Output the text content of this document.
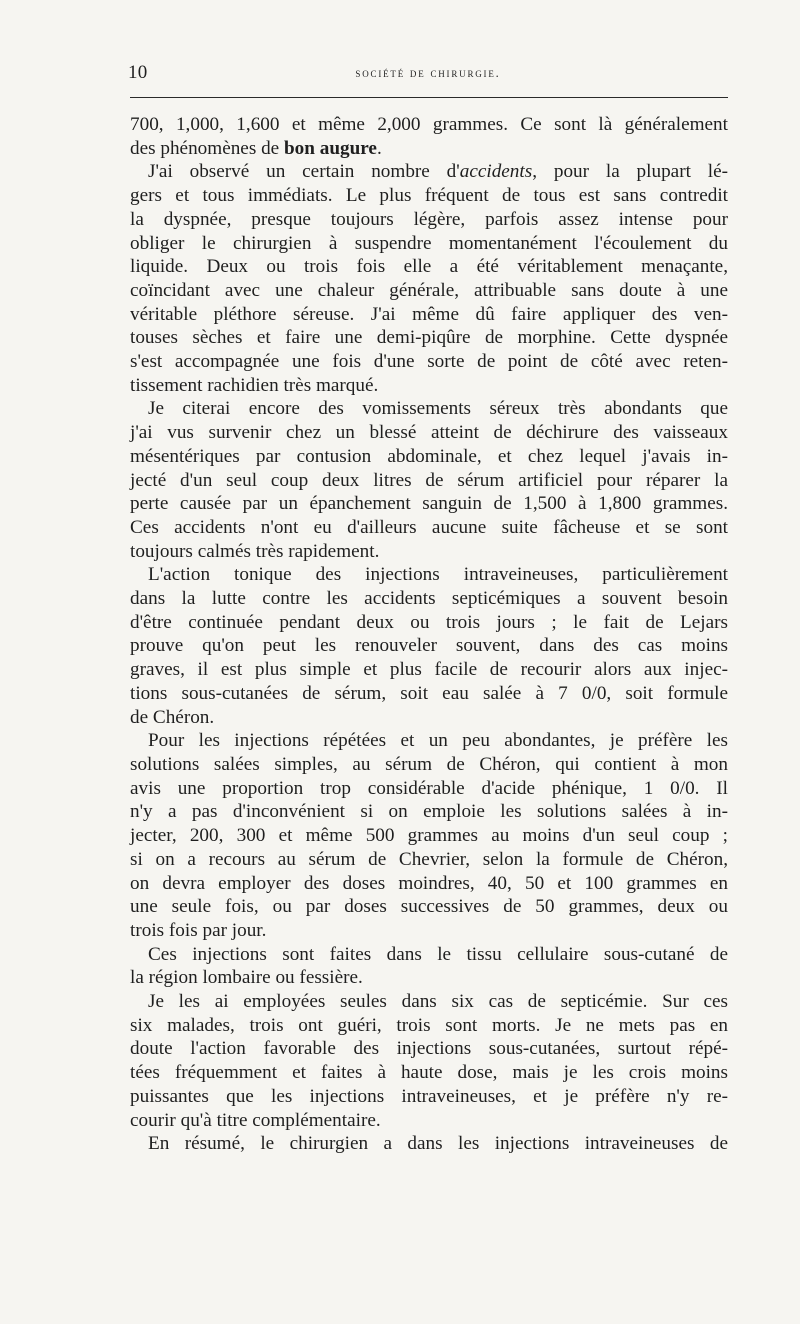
10	société de chirurgie.
700, 1,000, 1,600 et même 2,000 grammes. Ce sont là généralement
des phénomènes de bon augure.
J'ai observé un certain nombre d'accidents, pour la plupart lé-
gers et tous immédiats. Le plus fréquent de tous est sans contredit
la dyspnée, presque toujours légère, parfois assez intense pour
obliger le chirurgien à suspendre momentanément l'écoulement du
liquide. Deux ou trois fois elle a été véritablement menaçante,
coïncidant avec une chaleur générale, attribuable sans doute à une
véritable pléthore séreuse. J'ai même dû faire appliquer des ven-
touses sèches et faire une demi-piqûre de morphine. Cette dyspnée
s'est accompagnée une fois d'une sorte de point de côté avec reten-
tissement rachidien très marqué.
Je citerai encore des vomissements séreux très abondants que
j'ai vus survenir chez un blessé atteint de déchirure des vaisseaux
mésentériques par contusion abdominale, et chez lequel j'avais in-
jecté d'un seul coup deux litres de sérum artificiel pour réparer la
perte causée par un épanchement sanguin de 1,500 à 1,800 grammes.
Ces accidents n'ont eu d'ailleurs aucune suite fâcheuse et se sont
toujours calmés très rapidement.
L'action tonique des injections intraveineuses, particulièrement
dans la lutte contre les accidents septicémiques a souvent besoin
d'être continuée pendant deux ou trois jours ; le fait de Lejars
prouve qu'on peut les renouveler souvent, dans des cas moins
graves, il est plus simple et plus facile de recourir alors aux injec-
tions sous-cutanées de sérum, soit eau salée à 7 0/0, soit formule
de Chéron.
Pour les injections répétées et un peu abondantes, je préfère les
solutions salées simples, au sérum de Chéron, qui contient à mon
avis une proportion trop considérable d'acide phénique, 1 0/0. Il
n'y a pas d'inconvénient si on emploie les solutions salées à in-
jecter, 200, 300 et même 500 grammes au moins d'un seul coup ;
si on a recours au sérum de Chevrier, selon la formule de Chéron,
on devra employer des doses moindres, 40, 50 et 100 grammes en
une seule fois, ou par doses successives de 50 grammes, deux ou
trois fois par jour.
Ces injections sont faites dans le tissu cellulaire sous-cutané de
la région lombaire ou fessière.
Je les ai employées seules dans six cas de septicémie. Sur ces
six malades, trois ont guéri, trois sont morts. Je ne mets pas en
doute l'action favorable des injections sous-cutanées, surtout répé-
tées fréquemment et faites à haute dose, mais je les crois moins
puissantes que les injections intraveineuses, et je préfère n'y re-
courir qu'à titre complémentaire.
En résumé, le chirurgien a dans les injections intraveineuses de
